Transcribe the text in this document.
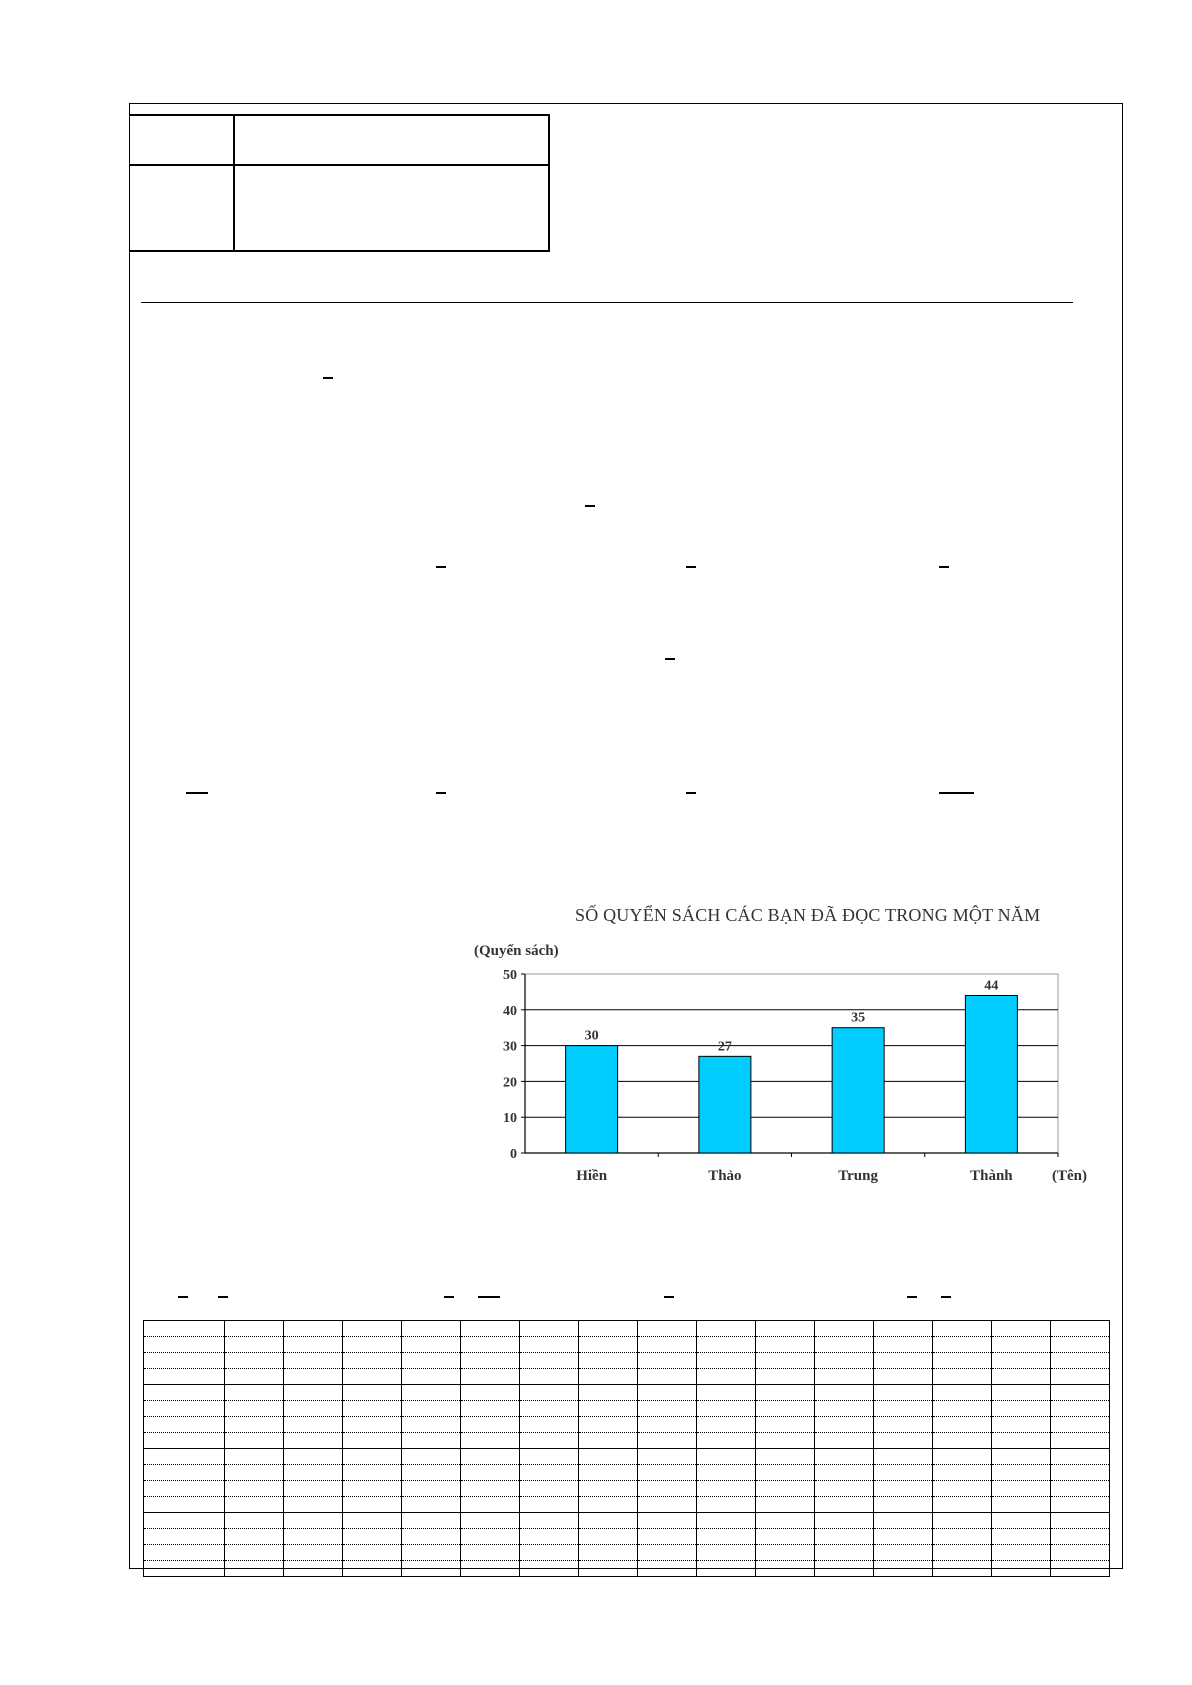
SỐ QUYỂN SÁCH CÁC BẠN ĐÃ ĐỌC TRONG MỘT NĂM
0
10
20
30
40
50
(Quyển sách)
(Tên)
30
Hiền
27
Thảo
35
Trung
44
Thành
